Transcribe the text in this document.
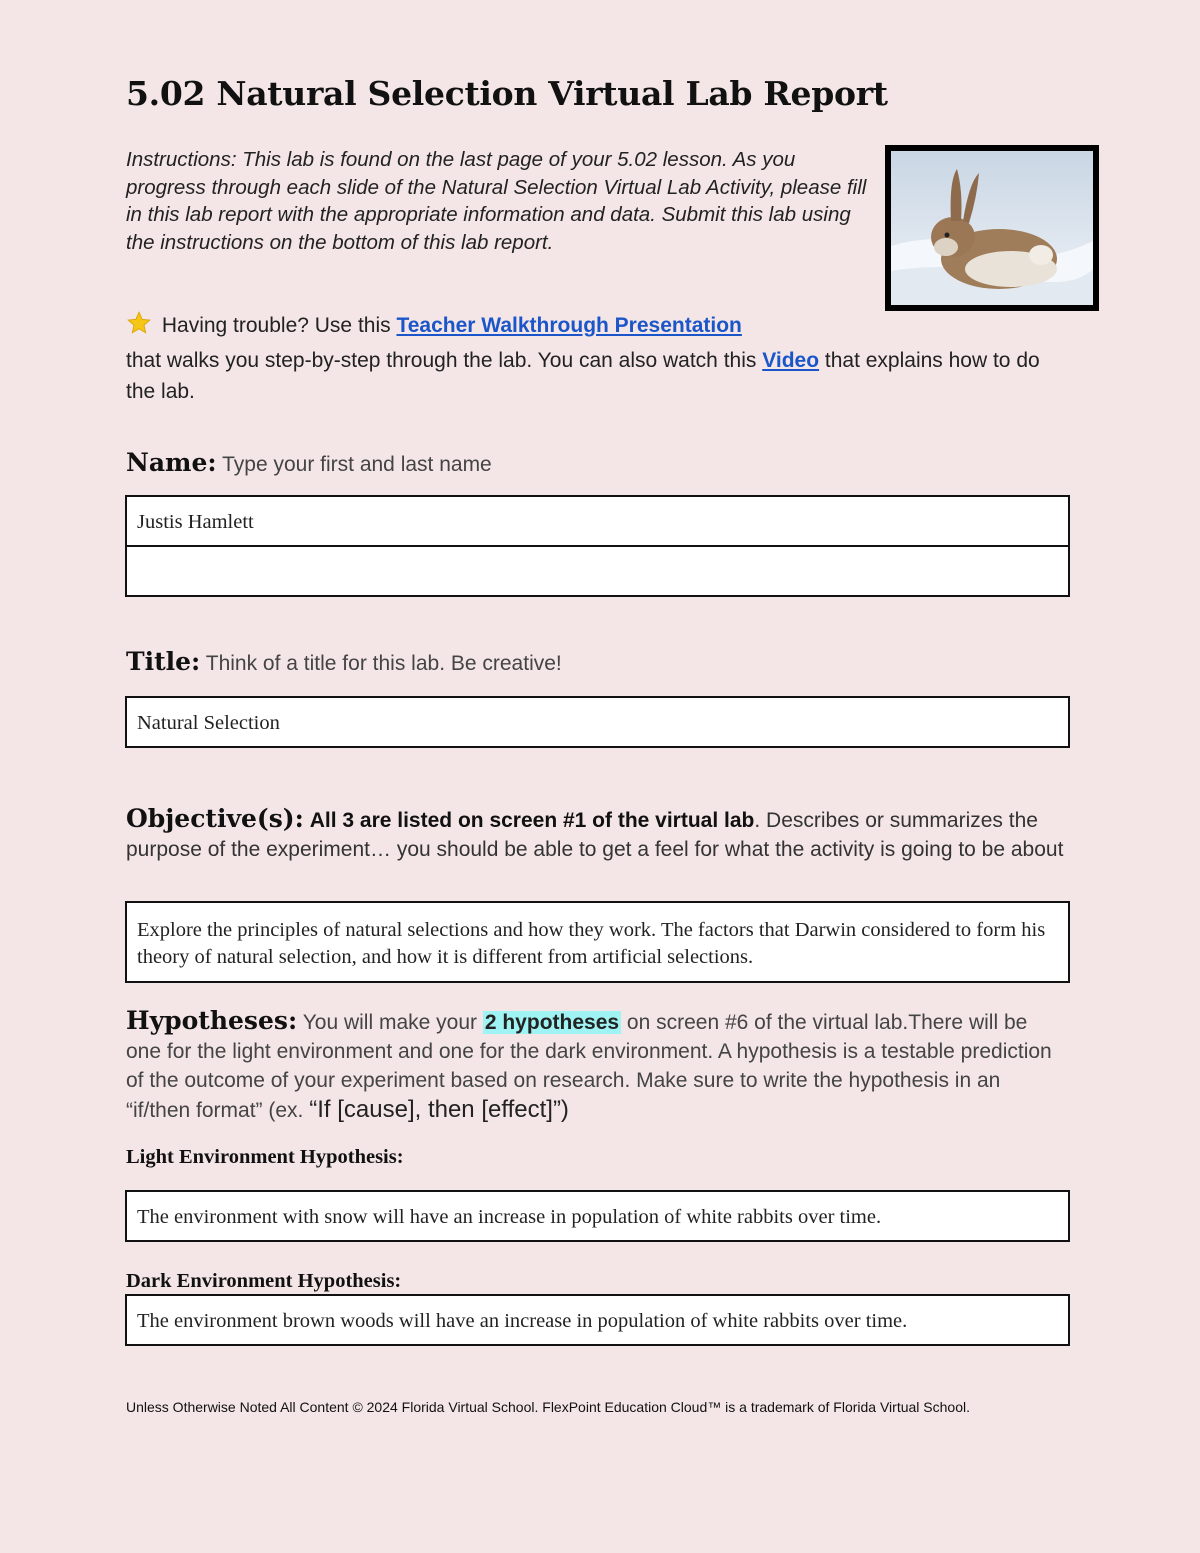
5.02 Natural Selection Virtual Lab Report
Instructions: This lab is found on the last page of your 5.02 lesson. As you progress through each slide of the Natural Selection Virtual Lab Activity, please fill in this lab report with the appropriate information and data. Submit this lab using the instructions on the bottom of this lab report.
Having trouble? Use this Teacher Walkthrough Presentation
that walks you step-by-step through the lab. You can also watch this Video that explains how to do the lab.
Name: Type your first and last name
Justis Hamlett
Title: Think of a title for this lab. Be creative!
Natural Selection
Objective(s): All 3 are listed on screen #1 of the virtual lab. Describes or summarizes the purpose of the experiment… you should be able to get a feel for what the activity is going to be about
Explore the principles of natural selections and how they work. The factors that Darwin considered to form his theory of natural selection, and how it is different from artificial selections.
Hypotheses: You will make your 2 hypotheses on screen #6 of the virtual lab.There will be one for the light environment and one for the dark environment. A hypothesis is a testable prediction of the outcome of your experiment based on research. Make sure to write the hypothesis in an “if/then format” (ex. “If [cause], then [effect]”)
Light Environment Hypothesis:
The environment with snow will have an increase in population of white rabbits over time.
Dark Environment Hypothesis:
The environment brown woods will have an increase in population of white rabbits over time.
Unless Otherwise Noted All Content © 2024 Florida Virtual School. FlexPoint Education Cloud™ is a trademark of Florida Virtual School.
